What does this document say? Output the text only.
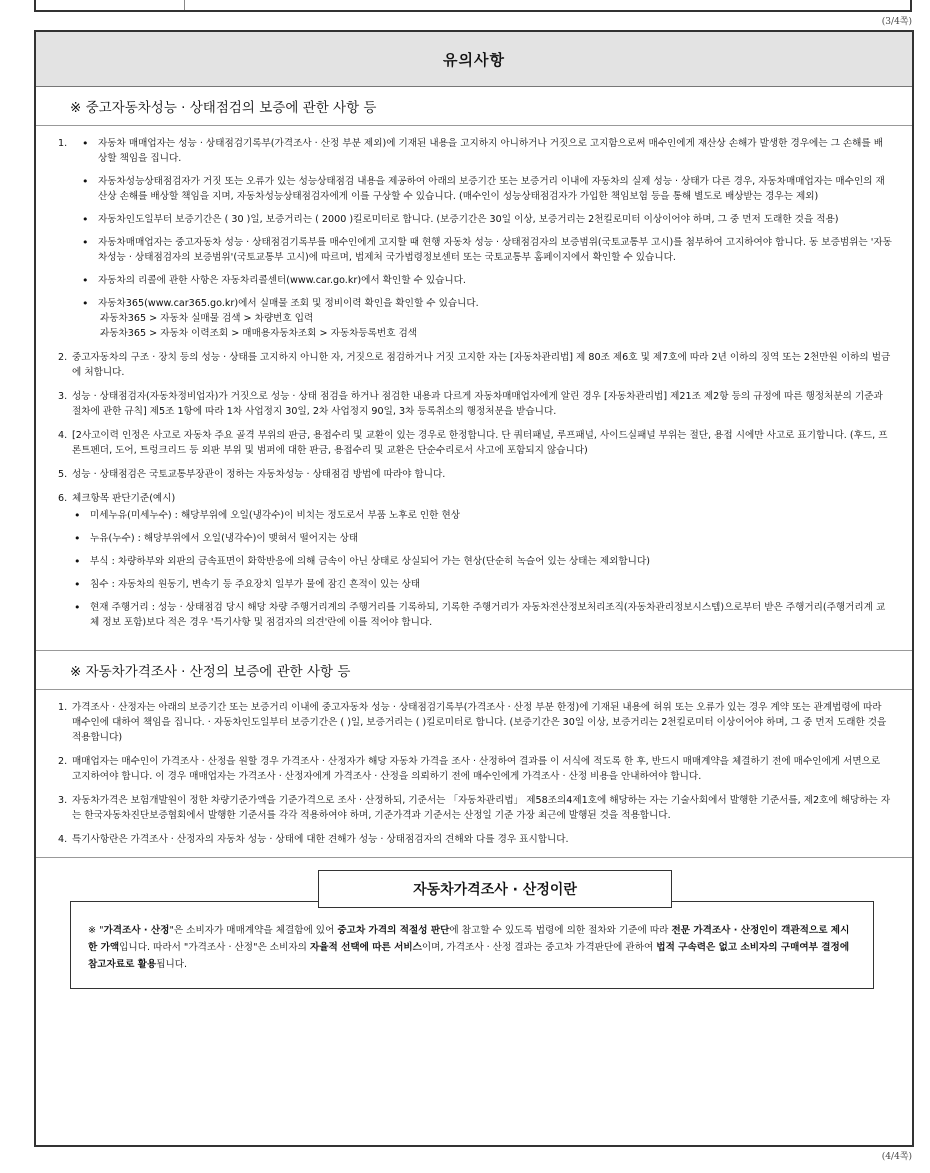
(3/4쪽)
유의사항
※ 중고자동차성능 · 상태점검의 보증에 관한 사항 등
1.
•	자동차 매매업자는 성능 · 상태점검기록부(가격조사 · 산정 부분 제외)에 기재된 내용을 고지하지 아니하거나 거짓으로 고지함으로써 매수인에게 재산상 손해가 발생한 경우에는 그 손해를 배상할 책임을 집니다.
• 자동차성능상태점검자가 거짓 또는 오류가 있는 성능상태점검 내용을 제공하여 아래의 보증기간 또는 보증거리 이내에 자동차의 실제 성능 · 상태가 다른 경우, 자동차매매업자는 매수인의 재산상 손해를 배상할 책임을 지며, 자동차성능상태점검자에게 이를 구상할 수 있습니다. (매수인이 성능상태점검자가 가입한 책임보험 등을 통해 별도로 배상받는 경우는 제외)
• 자동차인도일부터 보증기간은 ( 30 )일, 보증거리는 ( 2000 )킬로미터로 합니다. (보증기간은 30일 이상, 보증거리는 2천킬로미터 이상이어야 하며, 그 중 먼저 도래한 것을 적용)
• 자동차매매업자는 중고자동차 성능 · 상태점검기록부를 매수인에게 고지할 때 현행 자동차 성능 · 상태점검자의 보증범위(국토교통부 고시)를 첨부하여 고지하여야 합니다. 동 보증범위는 '자동차성능 · 상태점검자의 보증범위'(국토교통부 고시)에 따르며, 법제처 국가법령정보센터 또는 국토교통부 홈페이지에서 확인할 수 있습니다.
• 자동차의 리콜에 관한 사항은 자동차리콜센터(www.car.go.kr)에서 확인할 수 있습니다.
• 자동차365(www.car365.go.kr)에서 실매물 조회 및 정비이력 확인을 확인할 수 있습니다.
- 자동차365 > 자동차 실매물 검색 > 차량번호 입력
- 자동차365 > 자동차 이력조회 > 매매용자동차조회 > 자동차등록번호 검색
2. 중고자동차의 구조 · 장치 등의 성능 · 상태를 고지하지 아니한 자, 거짓으로 점검하거나 거짓 고지한 자는 [자동차관리법] 제 80조 제6호 및 제7호에 따라 2년 이하의 징역 또는 2천만원 이하의 벌금에 처합니다.
3. 성능 · 상태점검자(자동차정비업자)가 거짓으로 성능 · 상태 점검을 하거나 점검한 내용과 다르게 자동차매매업자에게 알린 경우 [자동차관리법] 제21조 제2항 등의 규정에 따른 행정처분의 기준과 절차에 관한 규칙] 제5조 1항에 따라 1차 사업정지 30일, 2차 사업정지 90일, 3차 등록취소의 행정처분을 받습니다.
4. [2사고이력 인정은 사고로 자동차 주요 골격 부위의 판금, 용접수리 및 교환이 있는 경우로 한정합니다. 단 쿼터패널, 루프패널, 사이드실패널 부위는 절단, 용접 시에만 사고로 표기합니다. (후드, 프론트펜더, 도어, 트렁크리드 등 외판 부위 및 범퍼에 대한 판금, 용접수리 및 교환은 단순수리로서 사고에 포함되지 않습니다)
5. 성능 · 상태점검은 국토교통부장관이 정하는 자동차성능 · 상태점검 방법에 따라야 합니다.
6. 체크항목 판단기준(예시)
• 미세누유(미세누수) : 해당부위에 오일(냉각수)이 비치는 정도로서 부품 노후로 인한 현상
• 누유(누수) : 해당부위에서 오일(냉각수)이 맺혀서 떨어지는 상태
• 부식 : 차량하부와 외판의 금속표면이 화학반응에 의해 금속이 아닌 상태로 상실되어 가는 현상(단순히 녹슬어 있는 상태는 제외합니다)
• 침수 : 자동차의 원동기, 변속기 등 주요장치 일부가 물에 잠긴 흔적이 있는 상태
• 현재 주행거리 : 성능 · 상태점검 당시 해당 차량 주행거리계의 주행거리를 기록하되, 기록한 주행거리가 자동차전산정보처리조직(자동차관리정보시스템)으로부터 받은 주행거리(주행거리계 교체 정보 포함)보다 적은 경우 '특기사항 및 점검자의 의견'란에 이를 적어야 합니다.
※ 자동차가격조사 · 산정의 보증에 관한 사항 등
1. 가격조사 · 산정자는 아래의 보증기간 또는 보증거리 이내에 중고자동차 성능 · 상태점검기록부(가격조사 · 산정 부분 한정)에 기재된 내용에 허위 또는 오류가 있는 경우 계약 또는 관계법령에 따라 매수인에 대하여 책임을 집니다. · 자동차인도일부터 보증기간은 ( )일, 보증거리는 ( )킬로미터로 합니다. (보증기간은 30일 이상, 보증거리는 2천킬로미터 이상이어야 하며, 그 중 먼저 도래한 것을 적용합니다)
2. 매매업자는 매수인이 가격조사 · 산정을 원할 경우 가격조사 · 산정자가 해당 자동차 가격을 조사 · 산정하여 결과를 이 서식에 적도록 한 후, 반드시 매매계약을 체결하기 전에 매수인에게 서면으로 고지하여야 합니다. 이 경우 매매업자는 가격조사 · 산정자에게 가격조사 · 산정을 의뢰하기 전에 매수인에게 가격조사 · 산정 비용을 안내하여야 합니다.
3. 자동차가격은 보험개발원이 정한 차량기준가액을 기준가격으로 조사 · 산정하되, 기준서는 「자동차관리법」 제58조의4제1호에 해당하는 자는 기술사회에서 발행한 기준서를, 제2호에 해당하는 자는 한국자동차진단보증협회에서 발행한 기준서를 각각 적용하여야 하며, 기준가격과 기준서는 산정일 기준 가장 최근에 발행된 것을 적용합니다.
4. 특기사항란은 가격조사 · 산정자의 자동차 성능 · 상태에 대한 견해가 성능 · 상태점검자의 견해와 다를 경우 표시합니다.
자동차가격조사 · 산정이란
※ "가격조사 · 산정"은 소비자가 매매계약을 체결함에 있어 중고차 가격의 적절성 판단에 참고할 수 있도록 법령에 의한 절차와 기준에 따라 전문 가격조사 · 산정인이 객관적으로 제시한 가액입니다. 따라서 "가격조사 · 산정"은 소비자의 자율적 선택에 따른 서비스이며, 가격조사 · 산정 결과는 중고차 가격판단에 관하여 법적 구속력은 없고 소비자의 구매여부 결정에 참고자료로 활용됩니다.
(4/4쪽)
